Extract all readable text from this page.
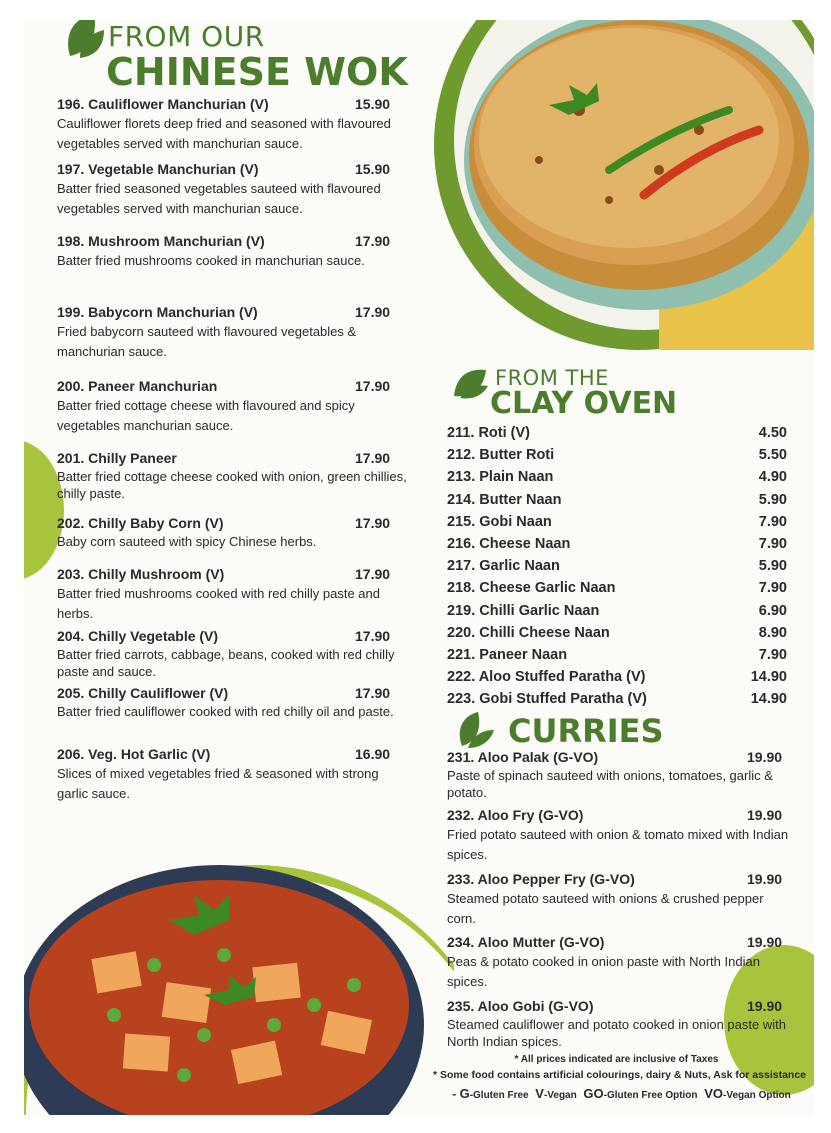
FROM OUR
CHINESE WOK
196. Cauliflower Manchurian (V)	15.90
Cauliflower florets deep fried and seasoned with flavoured vegetables served with manchurian sauce.
197. Vegetable Manchurian (V)	15.90
Batter fried seasoned vegetables sauteed with flavoured vegetables served with manchurian sauce.
198. Mushroom Manchurian (V)	17.90
Batter fried mushrooms cooked in manchurian sauce.
199. Babycorn Manchurian (V)	17.90
Fried babycorn sauteed with flavoured vegetables & manchurian sauce.
200. Paneer Manchurian	17.90
Batter fried cottage cheese with flavoured and spicy vegetables manchurian sauce.
201. Chilly Paneer	17.90
Batter fried cottage cheese cooked with onion, green chillies, chilly paste.
202. Chilly Baby Corn (V)	17.90
Baby corn sauteed with spicy Chinese herbs.
203. Chilly Mushroom (V)	17.90
Batter fried mushrooms cooked with red chilly paste and herbs.
204. Chilly Vegetable (V)	17.90
Batter fried carrots, cabbage, beans, cooked with red chilly paste and sauce.
205. Chilly Cauliflower (V)	17.90
Batter fried cauliflower cooked with red chilly oil and paste.
206. Veg. Hot Garlic (V)	16.90
Slices of mixed vegetables fried & seasoned with strong garlic sauce.
FROM THE
CLAY OVEN
211. Roti (V)	4.50
212. Butter Roti	5.50
213. Plain Naan	4.90
214. Butter Naan	5.90
215. Gobi Naan	7.90
216. Cheese Naan	7.90
217. Garlic Naan	5.90
218. Cheese Garlic Naan	7.90
219. Chilli Garlic Naan	6.90
220. Chilli Cheese Naan	8.90
221. Paneer Naan	7.90
222. Aloo Stuffed Paratha (V)	14.90
223. Gobi Stuffed Paratha (V)	14.90
CURRIES
231. Aloo Palak (G-VO)	19.90
Paste of spinach sauteed with onions, tomatoes, garlic & potato.
232. Aloo Fry (G-VO)	19.90
Fried potato sauteed with onion & tomato mixed with Indian spices.
233. Aloo Pepper Fry (G-VO)	19.90
Steamed potato sauteed with onions & crushed pepper corn.
234. Aloo Mutter (G-VO)	19.90
Peas & potato cooked in onion paste with North Indian spices.
235. Aloo Gobi (G-VO)	19.90
Steamed cauliflower and potato cooked in onion paste with North Indian spices.
* All prices indicated are inclusive of Taxes
* Some food contains artificial colourings, dairy & Nuts, Ask for assistance
- G-Gluten Free V-Vegan GO-Gluten Free Option VO-Vegan Option
